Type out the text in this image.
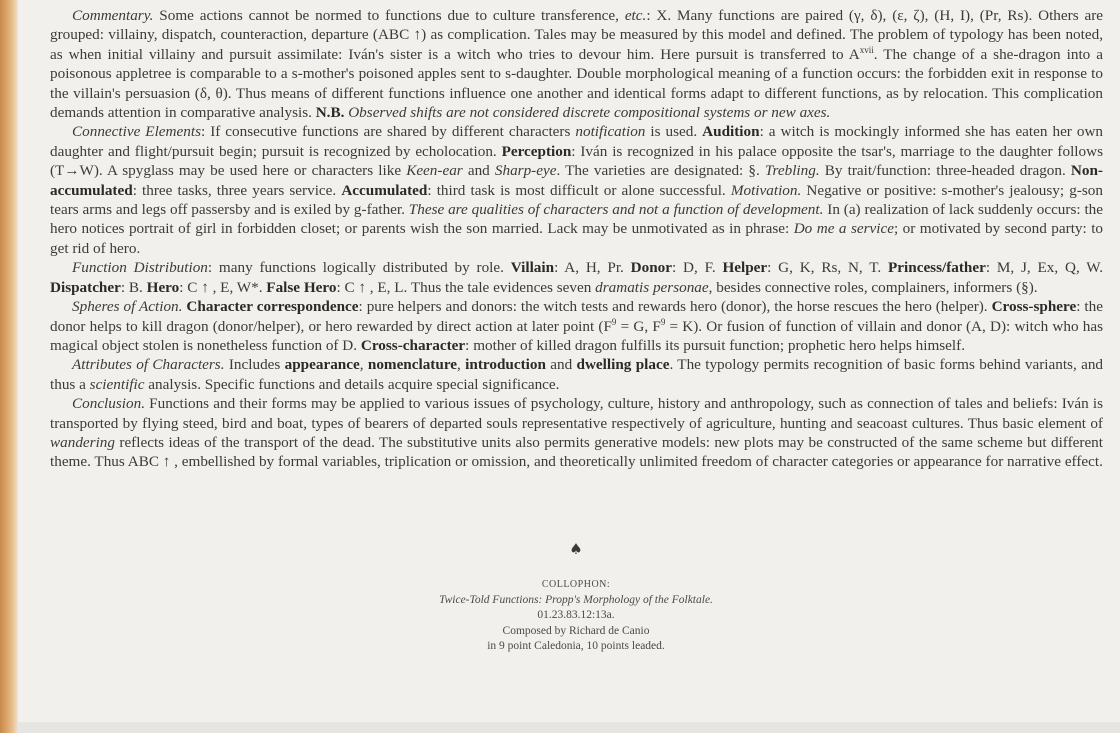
Commentary. Some actions cannot be normed to functions due to culture transference, etc.: X. Many functions are paired (γ, δ), (ε, ζ), (H, I), (Pr, Rs). Others are grouped: villainy, dispatch, counteraction, departure (ABC ↑) as complication. Tales may be measured by this model and defined. The problem of typology has been noted, as when initial villainy and pursuit assimilate: Iván's sister is a witch who tries to devour him. Here pursuit is transferred to $A^{xvii}$. The change of a she-dragon into a poisonous appletree is comparable to a s-mother's poisoned apples sent to s-daughter. Double morphological meaning of a function occurs: the forbidden exit in response to the villain's persuasion (δ, θ). Thus means of different functions influence one another and identical forms adapt to different functions, as by relocation. This complication demands attention in comparative analysis. N.B. Observed shifts are not considered discrete compositional systems or new axes.

Connective Elements: If consecutive functions are shared by different characters notification is used. Audition: a witch is mockingly informed she has eaten her own daughter and flight/pursuit begin; pursuit is recognized by echolocation. Perception: Iván is recognized in his palace opposite the tsar's, marriage to the daughter follows (T→W). A spyglass may be used here or characters like Keen-ear and Sharp-eye. The varieties are designated: §. Trebling. By trait/function: three-headed dragon. Non-accumulated: three tasks, three years service. Accumulated: third task is most difficult or alone successful. Motivation. Negative or positive: s-mother's jealousy; g-son tears arms and legs off passersby and is exiled by g-father. These are qualities of characters and not a function of development. In (a) realization of lack suddenly occurs: the hero notices portrait of girl in forbidden closet; or parents wish the son married. Lack may be unmotivated as in phrase: Do me a service; or motivated by second party: to get rid of hero.

Function Distribution: many functions logically distributed by role. Villain: A, H, Pr. Donor: D, F. Helper: G, K, Rs, N, T. Princess/father: M, J, Ex, Q, W. Dispatcher: B. Hero: C ↑ , E, W*. False Hero: C ↑ , E, L. Thus the tale evidences seven dramatis personae, besides connective roles, complainers, informers (§).

Spheres of Action. Character correspondence: pure helpers and donors: the witch tests and rewards hero (donor), the horse rescues the hero (helper). Cross-sphere: the donor helps to kill dragon (donor/helper), or hero rewarded by direct action at later point ($F^9 = G$, $F^9 = K$). Or fusion of function of villain and donor (A, D): witch who has magical object stolen is nonetheless function of D. Cross-character: mother of killed dragon fulfills its pursuit function; prophetic hero helps himself.

Attributes of Characters. Includes appearance, nomenclature, introduction and dwelling place. The typology permits recognition of basic forms behind variants, and thus a scientific analysis. Specific functions and details acquire special significance.

Conclusion. Functions and their forms may be applied to various issues of psychology, culture, history and anthropology, such as connection of tales and beliefs: Iván is transported by flying steed, bird and boat, types of bearers of departed souls representative respectively of agriculture, hunting and seacoast cultures. Thus basic element of wandering reflects ideas of the transport of the dead. The substitutive units also permits generative models: new plots may be constructed of the same scheme but different theme. Thus ABC ↑ , embellished by formal variables, triplication or omission, and theoretically unlimited freedom of character categories or appearance for narrative effect.

♠
COLLOPHON:
Twice-Told Functions: Propp's Morphology of the Folktale.
01.23.83.12:13a.
Composed by Richard de Canio
in 9 point Caledonia, 10 points leaded.
